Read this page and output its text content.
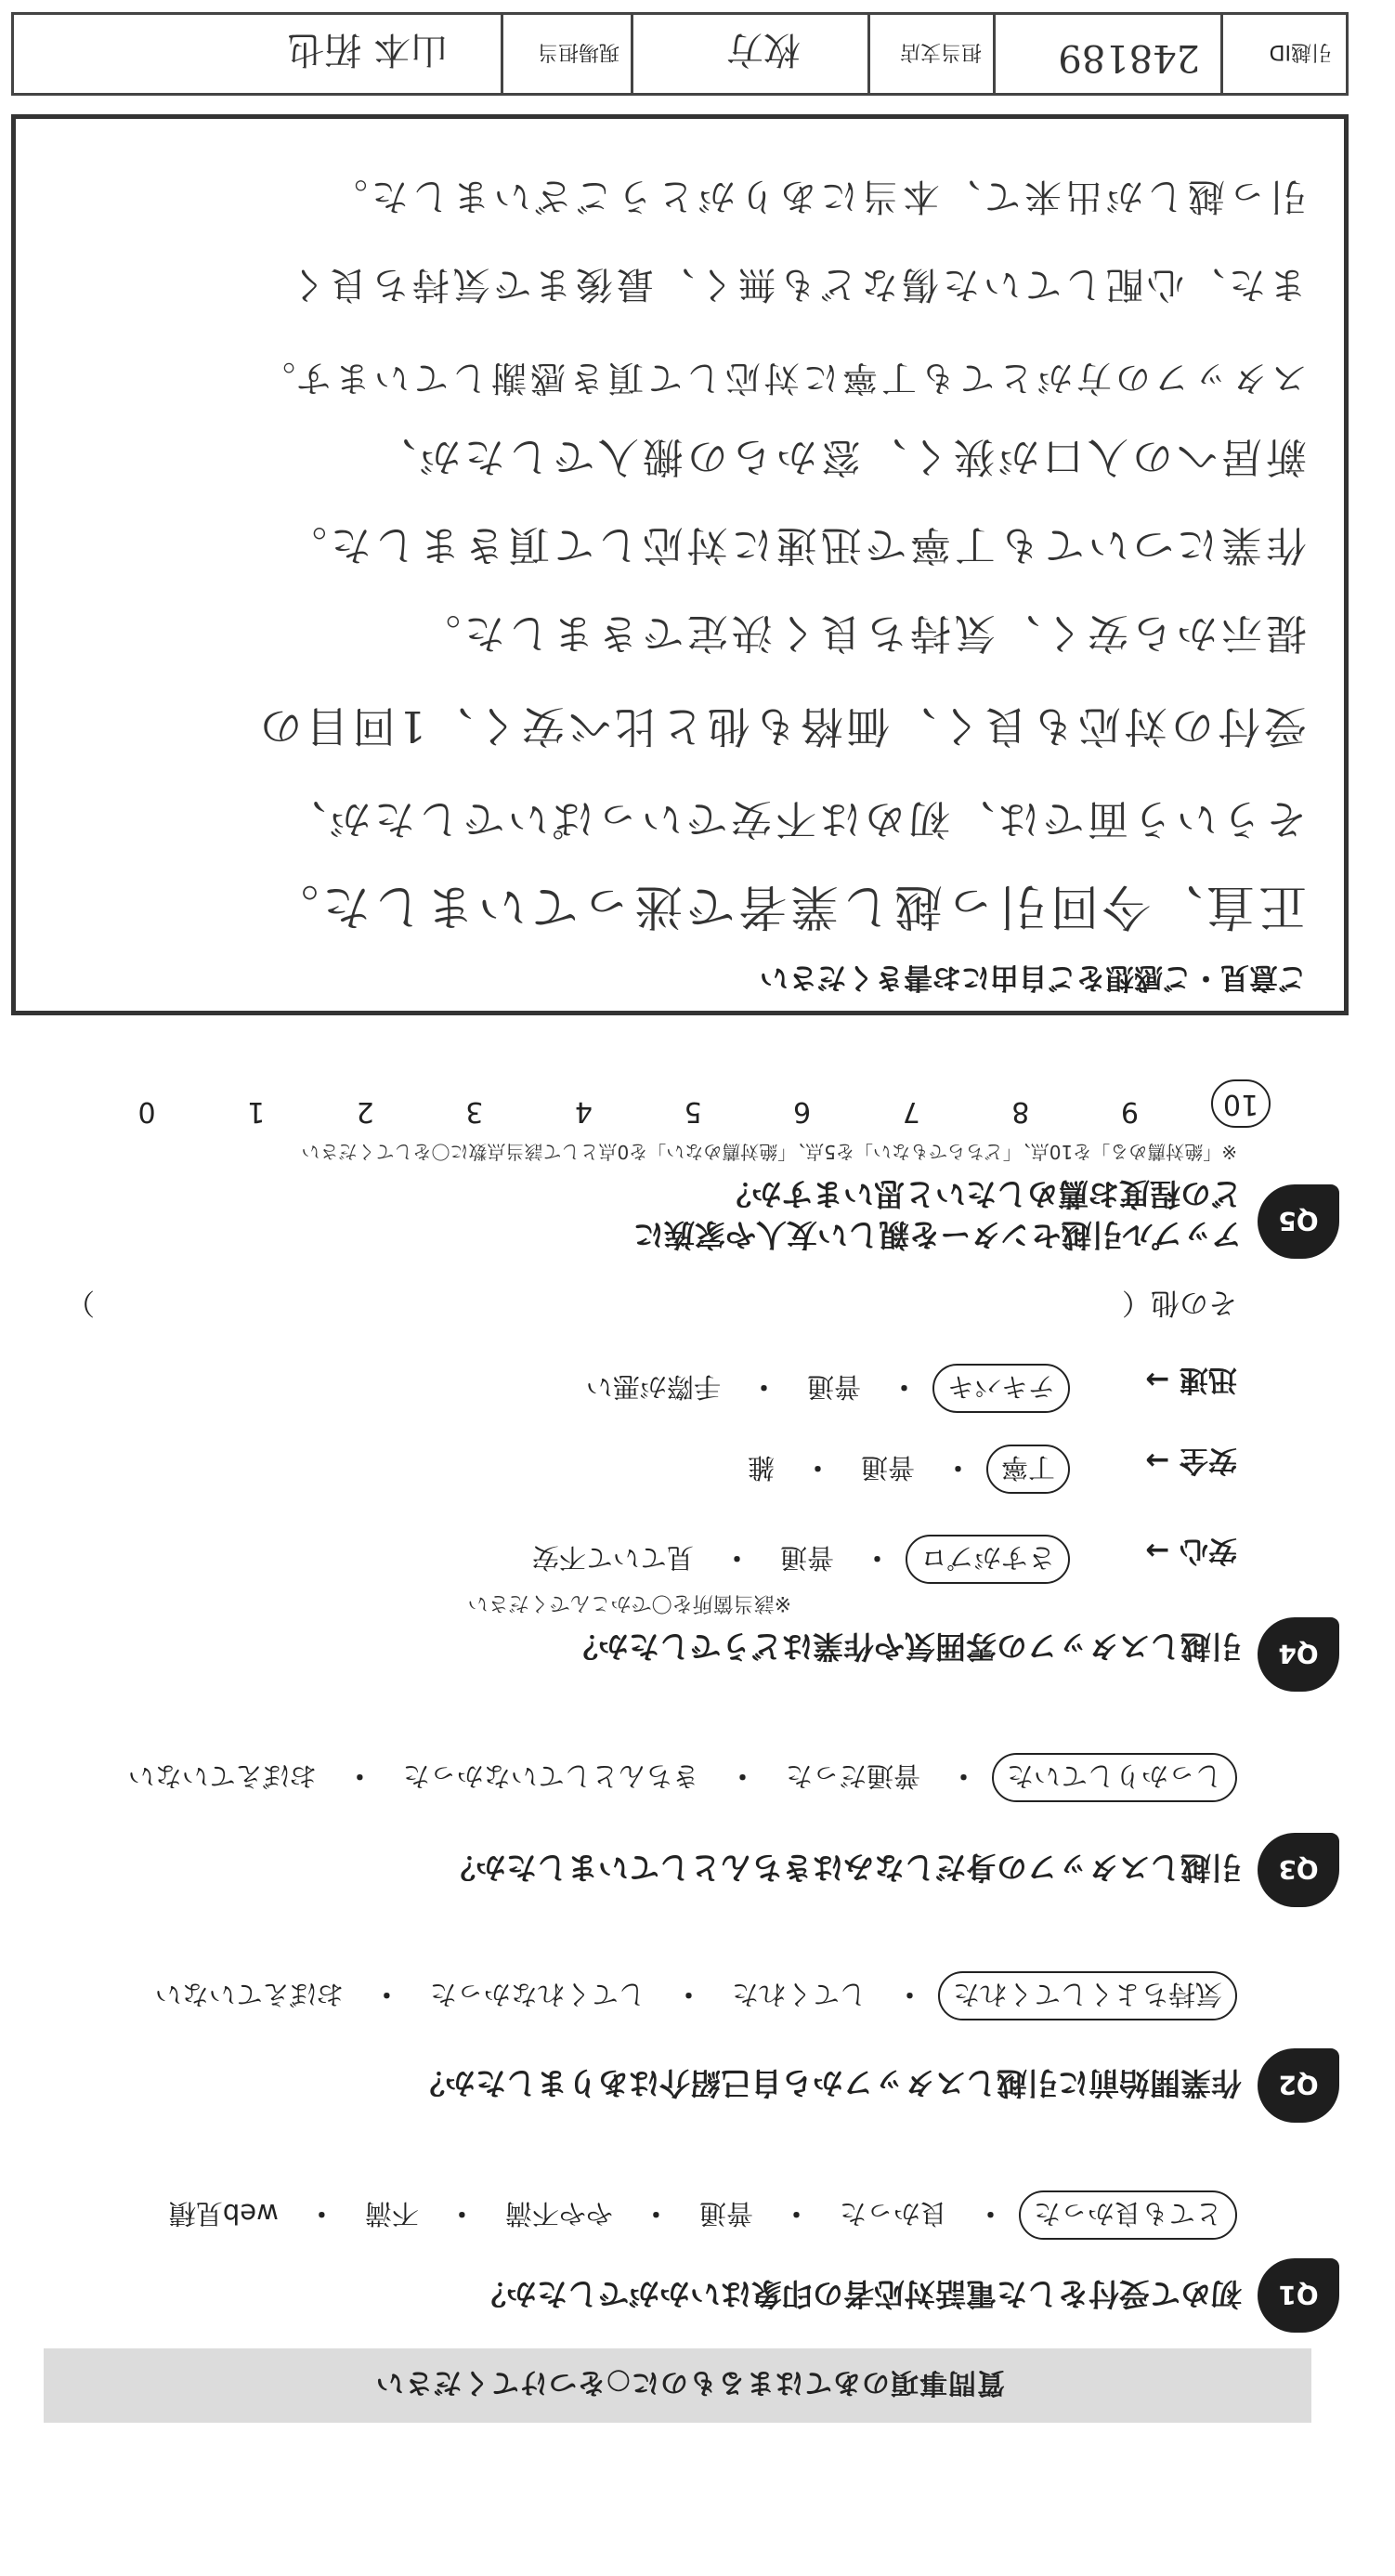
質問事項のあてはまるものに○をつけてください
Q1
初めて受付をした電話対応者の印象はいかがでしたか？
とても良かった
・
良かった
・
普通
・
やや不満
・
不満
・
web見積
Q2
作業開始前に引越しスタッフから自己紹介はありましたか？
気持ちよくしてくれた
・
してくれた
・
してくれなかった
・
おぼえていない
Q3
引越しスタッフの身だしなみはきちんとしていましたか？
しっかりしていた
・
普通だった
・
きちんとしていなかった
・
おぼえていない
Q4
引越しスタッフの雰囲気や作業はどうでしたか？
※該当箇所を〇でかこんでください
安心 →
さすがプロ
・
普通
・
見ていて不安
安全 →
丁寧
・
普通
・
雑
迅速 →
テキパキ
・
普通
・
手際が悪い
その他（
）
Q5
アップル引越センターを親しい友人や家族に
どの程度お薦めしたいと思いますか？
※「絶対薦める」を10点、「どちらでもない」を5点、「絶対薦めない」を0点として該当点数に〇をしてください
10
9
8
7
6
5
4
3
2
1
0
ご意見・ご感想をご自由にお書きください
正直、今回引っ越し業者で迷っていました。
そういう面では、初めは不安でいっぱいでしたが、
受付の対応も良く、価格も他と比べ安く、1回目の
提示から安く、気持ち良く決定できました。
作業についても丁寧で迅速に対応して頂きました。
新居への入口が狭く、窓からの搬入でしたが、
スタッフの方がとても丁寧に対応して頂き感謝しています。
また、心配していた傷なども無く、最後まで気持ち良く
引っ越しが出来て、本当にありがとうございました。
引越ID
248189
担当支店
枚方
現場担当
山本 拓也
